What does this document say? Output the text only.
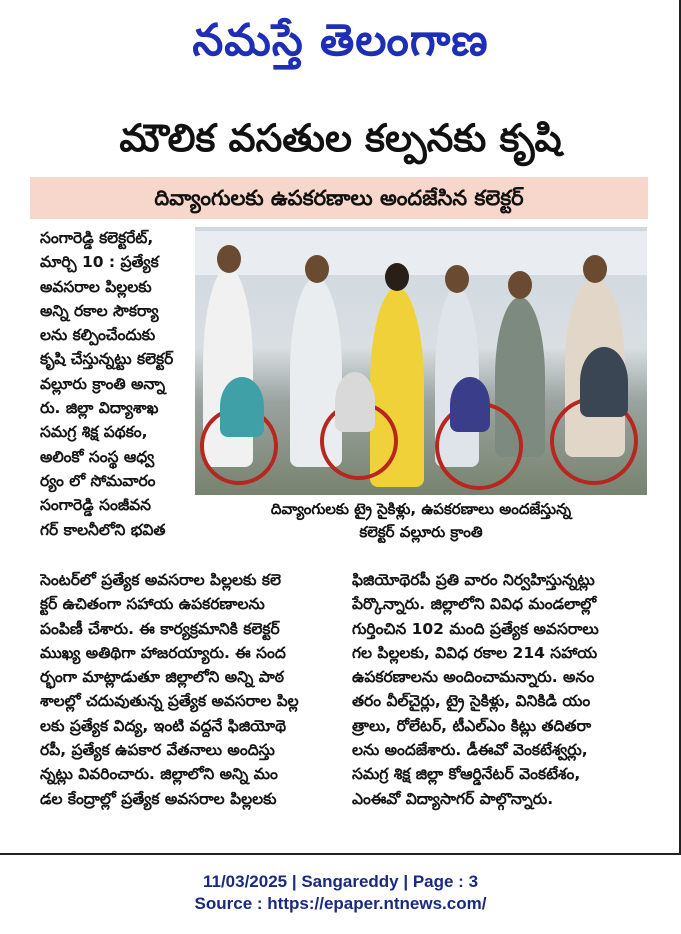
నమస్తే తెలంగాణ
మౌలిక వసతుల కల్పనకు కృషి
దివ్యాంగులకు ఉపకరణాలు అందజేసిన కలెక్టర్
సంగారెడ్డి కలెక్టరేట్,
మార్చి 10 : ప్రత్యేక
అవసరాల పిల్లలకు
అన్ని రకాల సౌకర్యా
లను కల్పించేందుకు
కృషి చేస్తున్నట్టు కలెక్టర్
వల్లూరు క్రాంతి అన్నా
రు. జిల్లా విద్యాశాఖ
సమగ్ర శిక్ష పథకం,
అలింకో సంస్థ ఆధ్వ
ర్యం లో సోమవారం
సంగారెడ్డి సంజీవన
గర్ కాలనీలోని భవిత
దివ్యాంగులకు ట్రై సైకిళ్లు, ఉపకరణాలు అందజేస్తున్న
కలెక్టర్ వల్లూరు క్రాంతి
సెంటర్‌లో ప్రత్యేక అవసరాల పిల్లలకు కలె
క్టర్ ఉచితంగా సహాయ ఉపకరణాలను
పంపిణీ చేశారు. ఈ కార్యక్రమానికి కలెక్టర్
ముఖ్య అతిథిగా హాజరయ్యారు. ఈ సంద
ర్భంగా మాట్లాడుతూ జిల్లాలోని అన్ని పాఠ
శాలల్లో చదువుతున్న ప్రత్యేక అవసరాల పిల్ల
లకు ప్రత్యేక విద్య, ఇంటి వద్దనే ఫిజియోథె
రపీ, ప్రత్యేక ఉపకార వేతనాలు అందిస్తు
న్నట్లు వివరించారు. జిల్లాలోని అన్ని మం
డల కేంద్రాల్లో ప్రత్యేక అవసరాల పిల్లలకు
ఫిజియోథెరపీ ప్రతి వారం నిర్వహిస్తున్నట్లు
పేర్కొన్నారు. జిల్లాలోని వివిధ మండలాల్లో
గుర్తించిన 102 మంది ప్రత్యేక అవసరాలు
గల పిల్లలకు, వివిధ రకాల 214 సహాయ
ఉపకరణాలను అందించామన్నారు. అనం
తరం వీల్‌చైర్లు, ట్రై సైకిళ్లు, వినికిడి యం
త్రాలు, రోలేటర్, టీఎల్ఎం కిట్లు తదితరా
లను అందజేశారు. డీఈవో వెంకటేశ్వర్లు,
సమగ్ర శిక్ష జిల్లా కోఆర్డినేటర్ వెంకటేశం,
ఎంఈవో విద్యాసాగర్ పాల్గొన్నారు.
11/03/2025 | Sangareddy | Page : 3
Source : https://epaper.ntnews.com/
